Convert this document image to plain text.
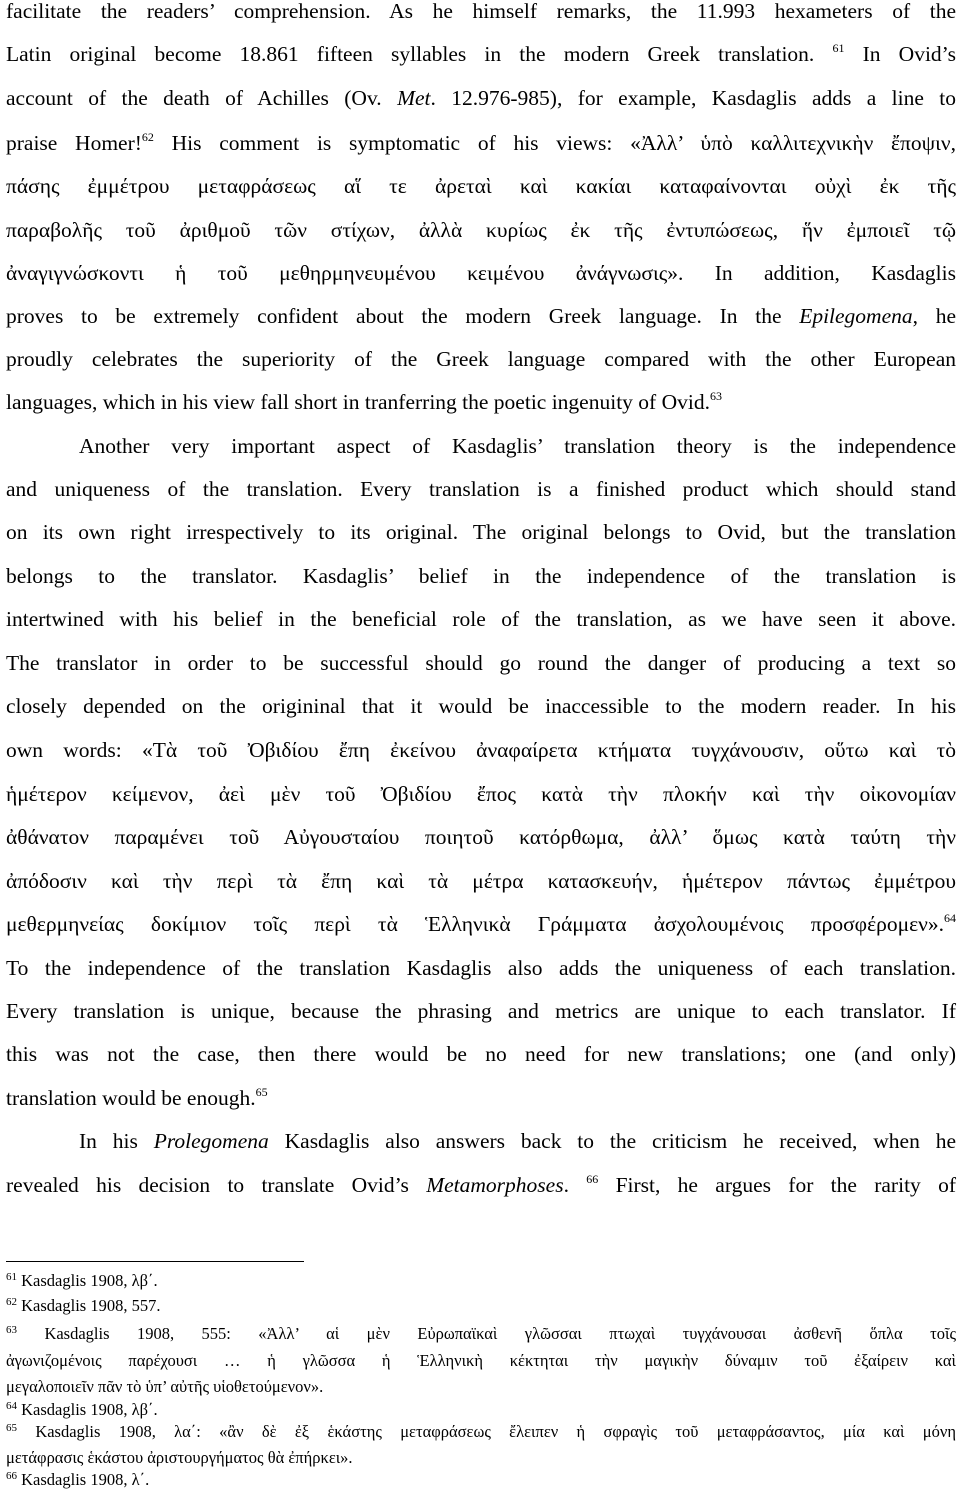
facilitate the readers’ comprehension. As he himself remarks, the 11.993 hexameters of the
Latin original become 18.861 fifteen syllables in the modern Greek translation. $^{61}$ In Ovid’s
account of the death of Achilles (Ov. Met. 12.976-985), for example, Kasdaglis adds a line to
praise Homer!$^{62}$ His comment is symptomatic of his views: «Ἀλλ’ ὑπὸ καλλιτεχνικὴν ἔποψιν,
πάσης ἐμμέτρου μεταφράσεως αἵ τε ἀρεταὶ καὶ κακίαι καταφαίνονται οὐχὶ ἐκ τῆς
παραβολῆς τοῦ ἀριθμοῦ τῶν στίχων, ἀλλὰ κυρίως ἐκ τῆς ἐντυπώσεως, ἥν ἐμποιεῖ τῷ
ἀναγιγνώσκοντι ἡ τοῦ μεθηρμηνευμένου κειμένου ἀνάγνωσις». In addition, Kasdaglis
proves to be extremely confident about the modern Greek language. In the Epilegomena, he
proudly celebrates the superiority of the Greek language compared with the other European
languages, which in his view fall short in tranferring the poetic ingenuity of Ovid.$^{63}$
Another very important aspect of Kasdaglis’ translation theory is the independence
and uniqueness of the translation. Every translation is a finished product which should stand
on its own right irrespectively to its original. The original belongs to Ovid, but the translation
belongs to the translator. Kasdaglis’ belief in the independence of the translation is
intertwined with his belief in the beneficial role of the translation, as we have seen it above.
The translator in order to be successful should go round the danger of producing a text so
closely depended on the origininal that it would be inaccessible to the modern reader. In his
own words: «Τὰ τοῦ Ὀβιδίου ἔπη ἐκείνου ἀναφαίρετα κτήματα τυγχάνουσιν, οὕτω καὶ τὸ
ἡμέτερον κείμενον, ἀεὶ μὲν τοῦ Ὀβιδίου ἔπος κατὰ τὴν πλοκήν καὶ τὴν οἰκονομίαν
ἀθάνατον παραμένει τοῦ Αὐγουσταίου ποιητοῦ κατόρθωμα, ἀλλ’ ὅμως κατὰ ταύτη τὴν
ἀπόδοσιν καὶ τὴν περὶ τὰ ἔπη καὶ τὰ μέτρα κατασκευήν, ἡμέτερον πάντως ἐμμέτρου
μεθερμηνείας δοκίμιον τοῖς περὶ τὰ Ἑλληνικὰ Γράμματα ἀσχολουμένοις προσφέρομεν».$^{64}$
To the independence of the translation Kasdaglis also adds the uniqueness of each translation.
Every translation is unique, because the phrasing and metrics are unique to each translator. If
this was not the case, then there would be no need for new translations; one (and only)
translation would be enough.$^{65}$
In his Prolegomena Kasdaglis also answers back to the criticism he received, when he
revealed his decision to translate Ovid’s Metamorphoses. $^{66}$ First, he argues for the rarity of
$^{61}$ Kasdaglis 1908, λβ΄.
$^{62}$ Kasdaglis 1908, 557.
$^{63}$ Kasdaglis 1908, 555: «Ἀλλ’ αἱ μὲν Εὐρωπαϊκαὶ γλῶσσαι πτωχαὶ τυγχάνουσαι ἀσθενῆ ὅπλα τοῖς
ἀγωνιζομένοις παρέχουσι … ἡ γλῶσσα ἡ Ἑλληνικὴ κέκτηται τὴν μαγικὴν δύναμιν τοῦ ἐξαίρειν καὶ
μεγαλοποιεῖν πᾶν τὸ ὑπ’ αὐτῆς υἱοθετούμενον».
$^{64}$ Kasdaglis 1908, λβ΄.
$^{65}$ Kasdaglis 1908, λα΄: «ἂν δὲ ἐξ ἑκάστης μεταφράσεως ἔλειπεν ἡ σφραγὶς τοῦ μεταφράσαντος, μία καὶ μόνη
μετάφρασις ἑκάστου ἀριστουργήματος θὰ ἐπήρκει».
$^{66}$ Kasdaglis 1908, λ΄.
